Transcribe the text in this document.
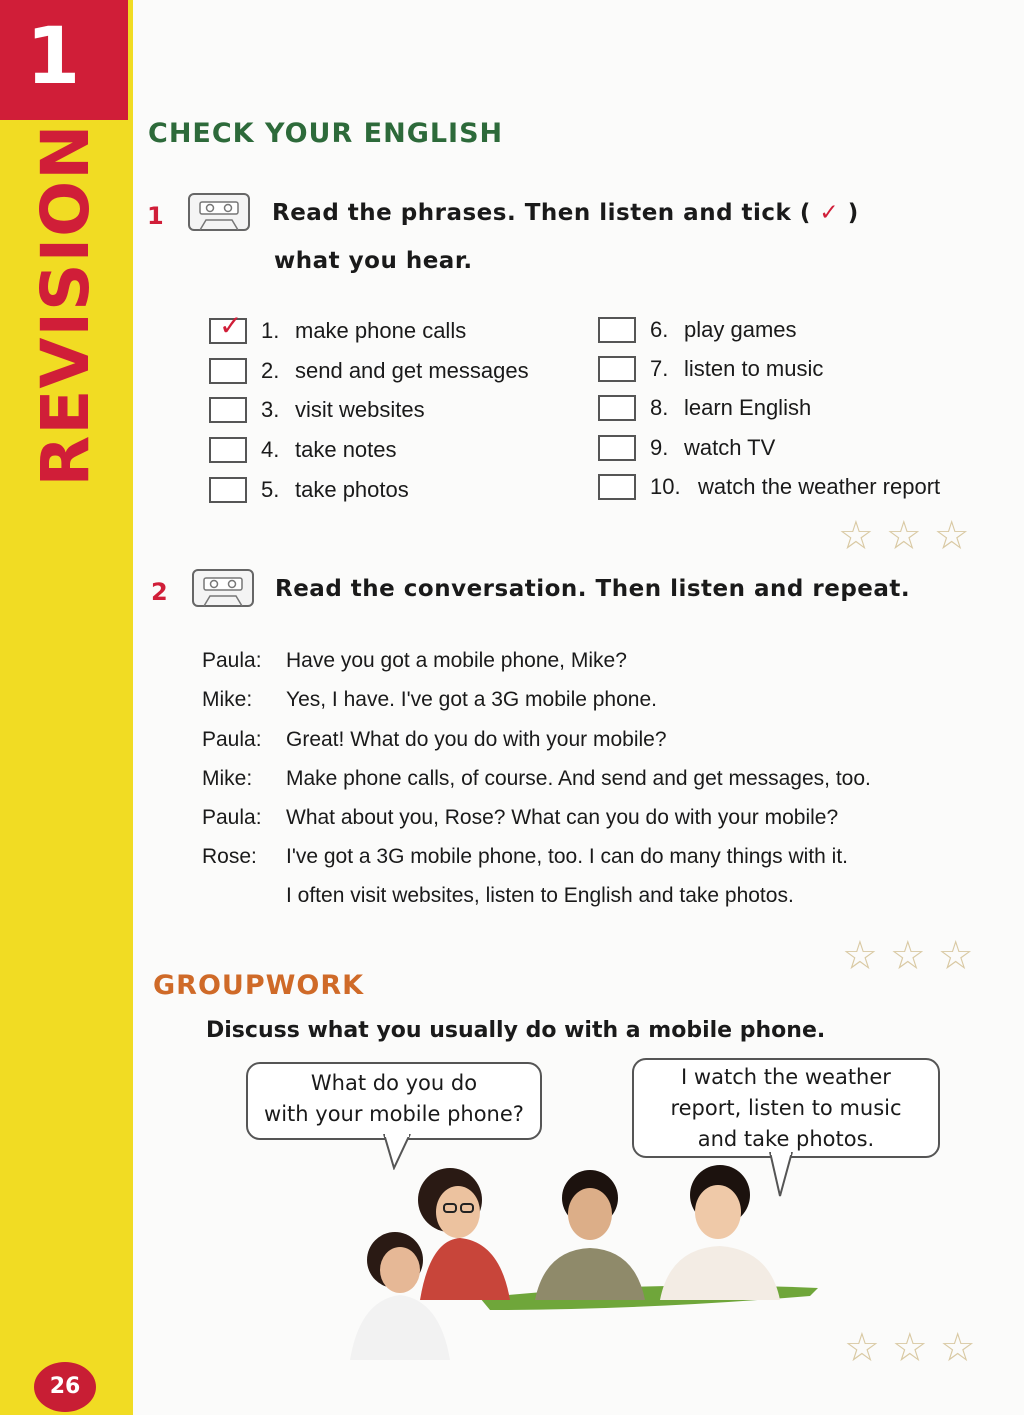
1
REVISION
26
CHECK YOUR ENGLISH
1	Read the phrases. Then listen and tick ( ✓ )
what you hear.
✓ 1. make phone calls
2. send and get messages
3. visit websites
4. take notes
5. take photos
6. play games
7. listen to music
8. learn English
9. watch TV
10. watch the weather report
☆ ☆ ☆
2	Read the conversation. Then listen and repeat.
Paula: Have you got a mobile phone, Mike?
Mike: Yes, I have. I've got a 3G mobile phone.
Paula: Great! What do you do with your mobile?
Mike: Make phone calls, of course. And send and get messages, too.
Paula: What about you, Rose? What can you do with your mobile?
Rose: I've got a 3G mobile phone, too. I can do many things with it.
I often visit websites, listen to English and take photos.
☆ ☆ ☆
GROUPWORK
Discuss what you usually do with a mobile phone.
What do you do
with your mobile phone?
I watch the weather
report, listen to music
and take photos.
☆ ☆ ☆
